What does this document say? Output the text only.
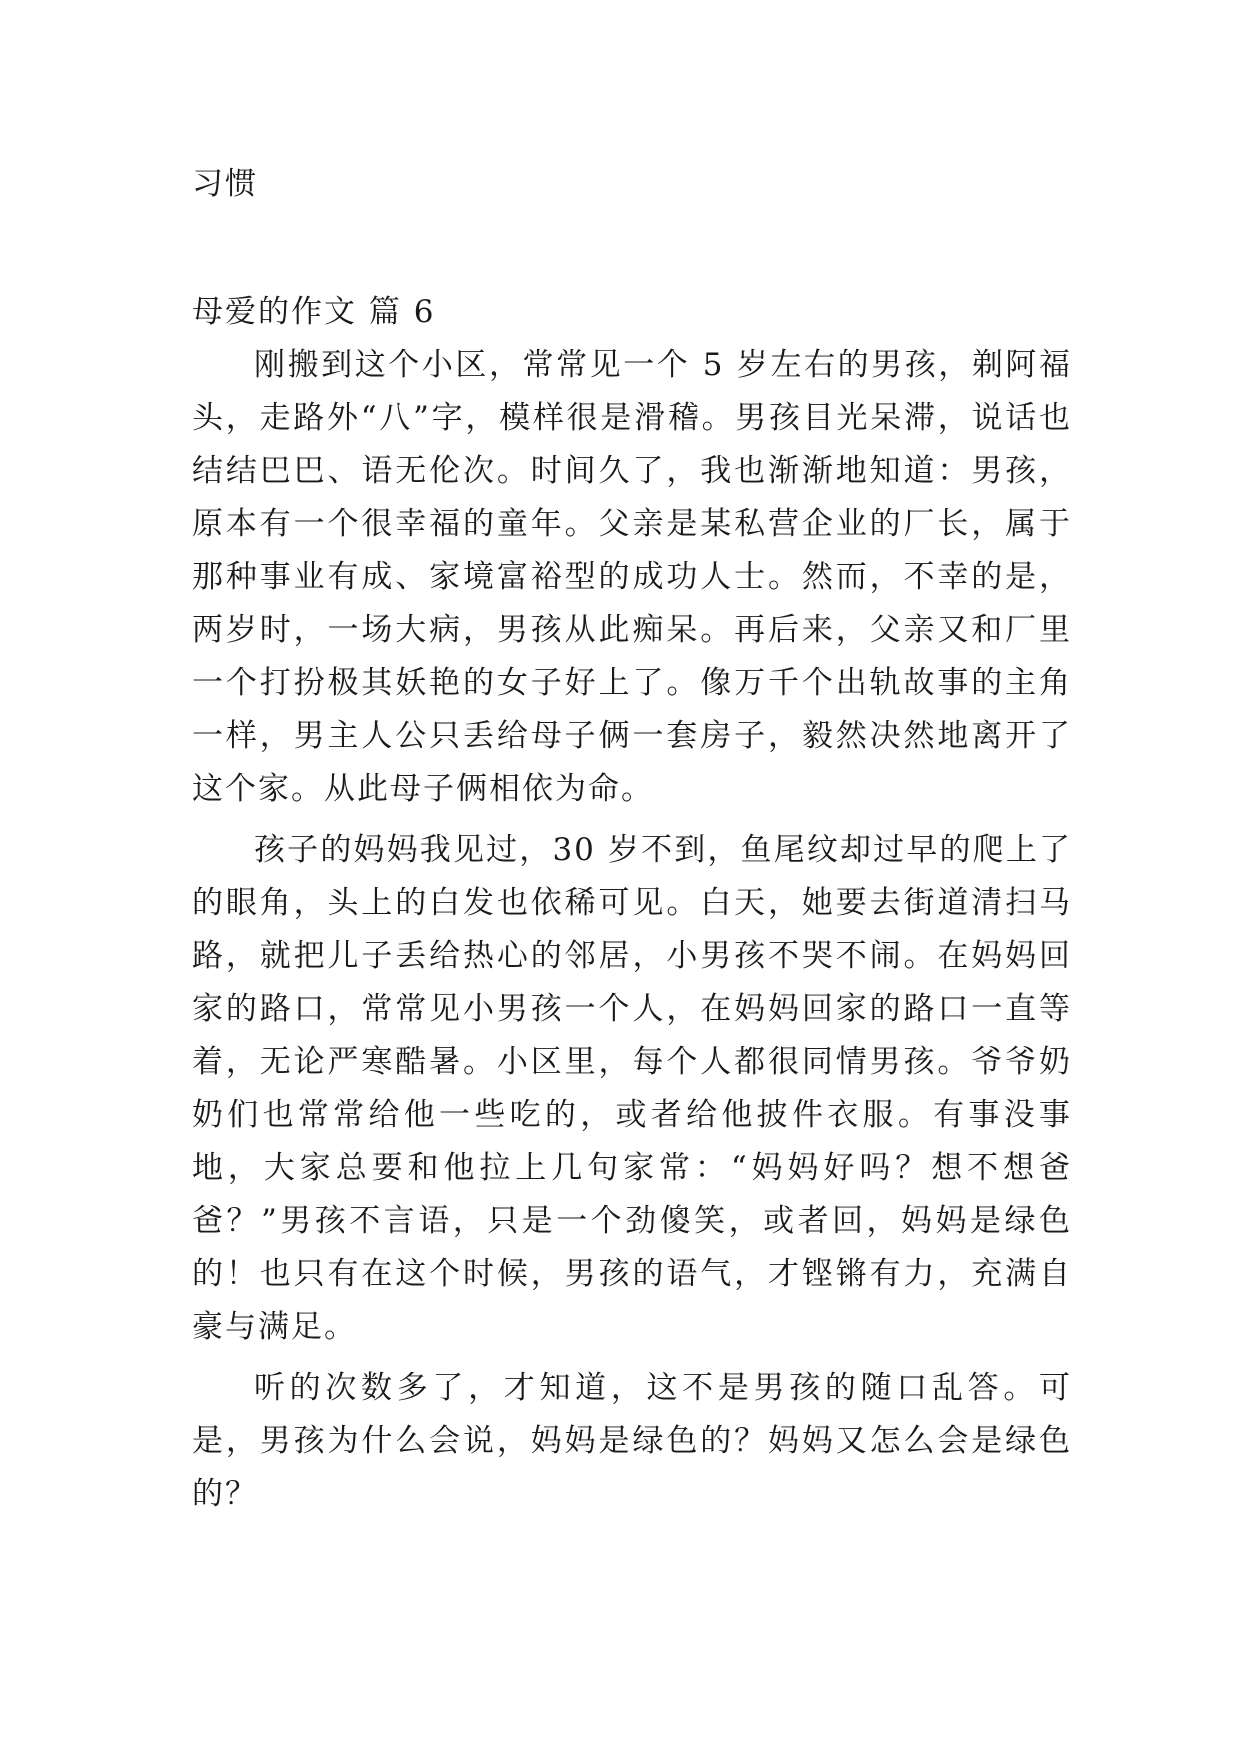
习惯

母爱的作文 篇 6

刚搬到这个小区，常常见一个 5 岁左右的男孩，剃阿福头，走路外“八”字，模样很是滑稽。男孩目光呆滞，说话也结结巴巴、语无伦次。时间久了，我也渐渐地知道：男孩，原本有一个很幸福的童年。父亲是某私营企业的厂长，属于那种事业有成、家境富裕型的成功人士。然而，不幸的是，两岁时，一场大病，男孩从此痴呆。再后来，父亲又和厂里一个打扮极其妖艳的女子好上了。像万千个出轨故事的主角一样，男主人公只丢给母子俩一套房子，毅然决然地离开了这个家。从此母子俩相依为命。

孩子的妈妈我见过，30 岁不到，鱼尾纹却过早的爬上了的眼角，头上的白发也依稀可见。白天，她要去街道清扫马路，就把儿子丢给热心的邻居，小男孩不哭不闹。在妈妈回家的路口，常常见小男孩一个人，在妈妈回家的路口一直等着，无论严寒酷暑。小区里，每个人都很同情男孩。爷爷奶奶们也常常给他一些吃的，或者给他披件衣服。有事没事地，大家总要和他拉上几句家常：“妈妈好吗？想不想爸爸？”男孩不言语，只是一个劲傻笑，或者回，妈妈是绿色的！也只有在这个时候，男孩的语气，才铿锵有力，充满自豪与满足。

听的次数多了，才知道，这不是男孩的随口乱答。可是，男孩为什么会说，妈妈是绿色的？妈妈又怎么会是绿色的？
